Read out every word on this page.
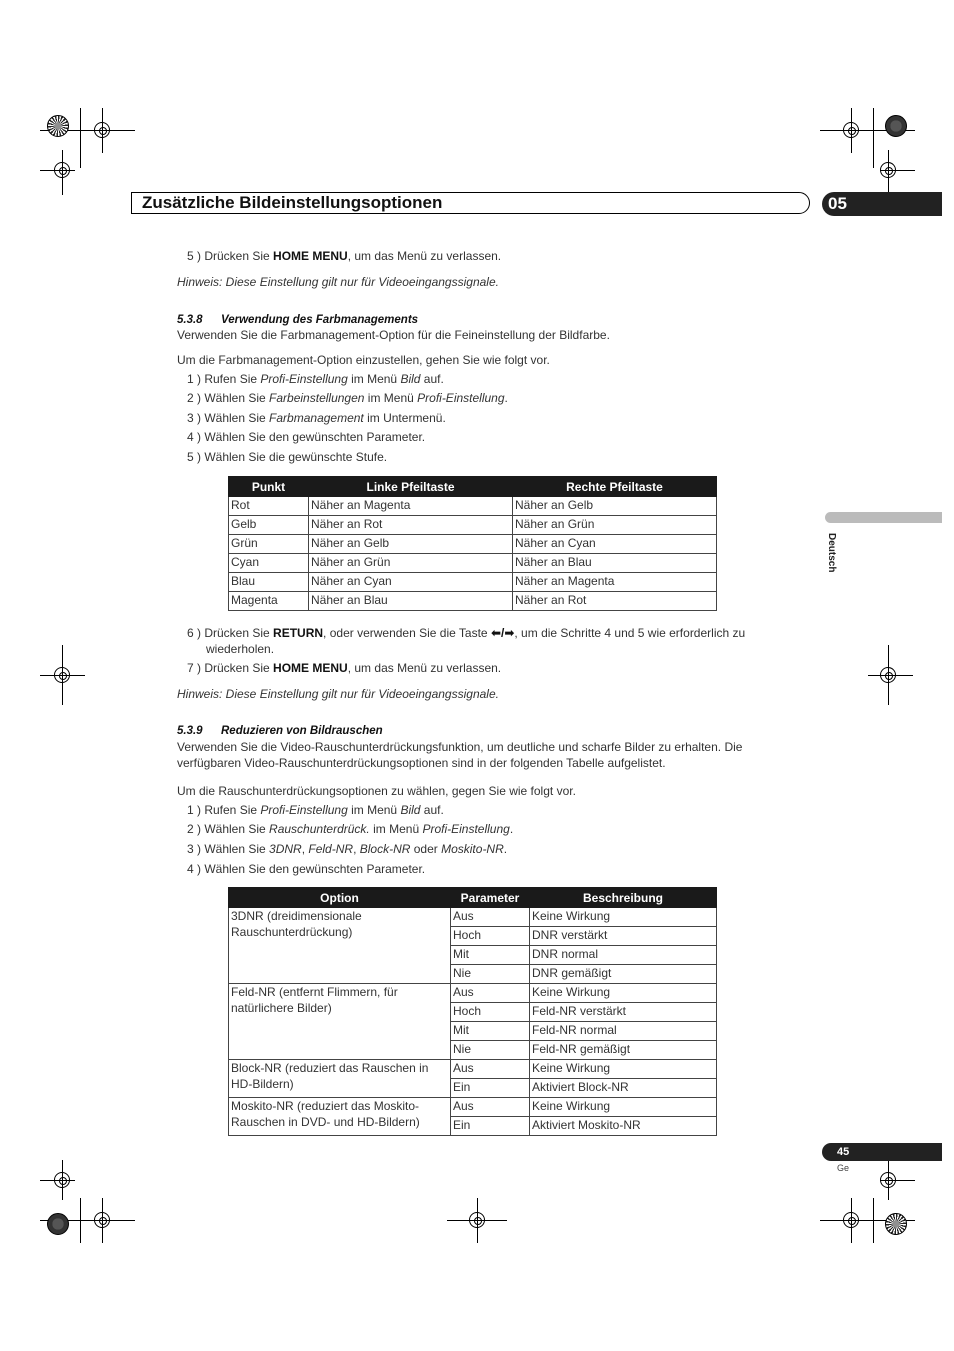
Zusätzliche Bildeinstellungsoptionen	05
Deutsch
5 ) Drücken Sie HOME MENU, um das Menü zu verlassen.
Hinweis: Diese Einstellung gilt nur für Videoeingangssignale.
5.3.8 Verwendung des Farbmanagements
Verwenden Sie die Farbmanagement-Option für die Feineinstellung der Bildfarbe.
Um die Farbmanagement-Option einzustellen, gehen Sie wie folgt vor.
1 ) Rufen Sie Profi-Einstellung im Menü Bild auf.
2 ) Wählen Sie Farbeinstellungen im Menü Profi-Einstellung.
3 ) Wählen Sie Farbmanagement im Untermenü.
4 ) Wählen Sie den gewünschten Parameter.
5 ) Wählen Sie die gewünschte Stufe.
Punkt	Linke Pfeiltaste	Rechte Pfeiltaste
Rot	Näher an Magenta	Näher an Gelb
Gelb	Näher an Rot	Näher an Grün
Grün	Näher an Gelb	Näher an Cyan
Cyan	Näher an Grün	Näher an Blau
Blau	Näher an Cyan	Näher an Magenta
Magenta	Näher an Blau	Näher an Rot
6 ) Drücken Sie RETURN, oder verwenden Sie die Taste ⬅/➡, um die Schritte 4 und 5 wie erforderlich zu
wiederholen.
7 ) Drücken Sie HOME MENU, um das Menü zu verlassen.
Hinweis: Diese Einstellung gilt nur für Videoeingangssignale.
5.3.9 Reduzieren von Bildrauschen
Verwenden Sie die Video-Rauschunterdrückungsfunktion, um deutliche und scharfe Bilder zu erhalten. Die
verfügbaren Video-Rauschunterdrückungsoptionen sind in der folgenden Tabelle aufgelistet.
Um die Rauschunterdrückungsoptionen zu wählen, gegen Sie wie folgt vor.
1 ) Rufen Sie Profi-Einstellung im Menü Bild auf.
2 ) Wählen Sie Rauschunterdrück. im Menü Profi-Einstellung.
3 ) Wählen Sie 3DNR, Feld-NR, Block-NR oder Moskito-NR.
4 ) Wählen Sie den gewünschten Parameter.
Option	Parameter	Beschreibung
3DNR (dreidimensionale Rauschunterdrückung)	Aus	Keine Wirkung
	Hoch	DNR verstärkt
	Mit	DNR normal
	Nie	DNR gemäßigt
Feld-NR (entfernt Flimmern, für natürlichere Bilder)	Aus	Keine Wirkung
	Hoch	Feld-NR verstärkt
	Mit	Feld-NR normal
	Nie	Feld-NR gemäßigt
Block-NR (reduziert das Rauschen in HD-Bildern)	Aus	Keine Wirkung
	Ein	Aktiviert Block-NR
Moskito-NR (reduziert das Moskito-Rauschen in DVD- und HD-Bildern)	Aus	Keine Wirkung
	Ein	Aktiviert Moskito-NR
45
Ge
